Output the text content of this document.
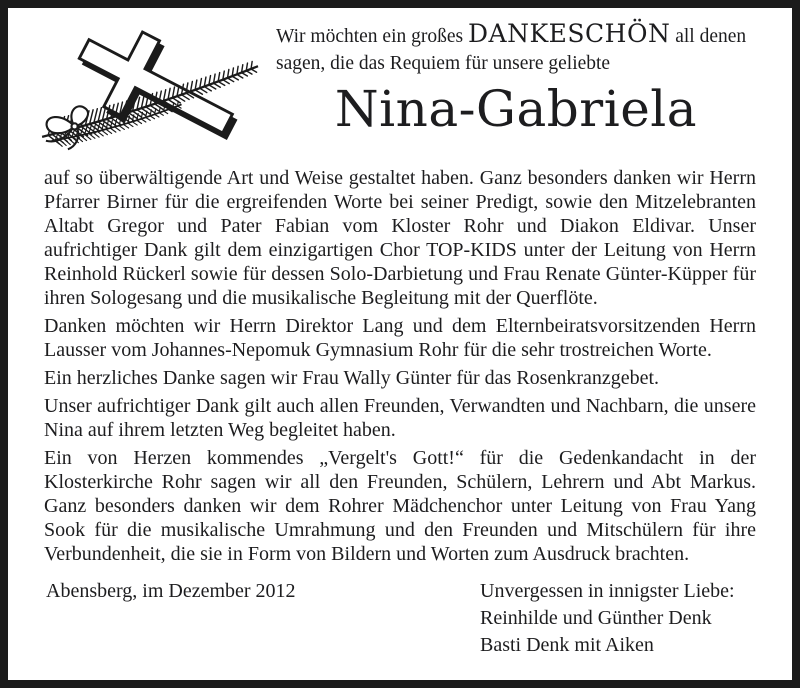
Wir möchten ein großes DANKESCHÖN all denen
sagen, die das Requiem für unsere geliebte

Nina-Gabriela

auf so überwältigende Art und Weise gestaltet haben. Ganz besonders danken wir Herrn Pfarrer Birner für die ergreifenden Worte bei seiner Predigt, sowie den Mitzelebranten Altabt Gregor und Pater Fabian vom Kloster Rohr und Diakon Eldivar. Unser aufrichtiger Dank gilt dem einzigartigen Chor TOP-KIDS unter der Leitung von Herrn Reinhold Rückerl sowie für dessen Solo-Darbietung und Frau Renate Günter-Küpper für ihren Sologesang und die musikalische Begleitung mit der Querflöte.

Danken möchten wir Herrn Direktor Lang und dem Elternbeiratsvorsitzenden Herrn Lausser vom Johannes-Nepomuk Gymnasium Rohr für die sehr trostreichen Worte.

Ein herzliches Danke sagen wir Frau Wally Günter für das Rosenkranzgebet.

Unser aufrichtiger Dank gilt auch allen Freunden, Verwandten und Nachbarn, die unsere Nina auf ihrem letzten Weg begleitet haben.

Ein von Herzen kommendes „Vergelt's Gott!“ für die Gedenkandacht in der Klosterkirche Rohr sagen wir all den Freunden, Schülern, Lehrern und Abt Markus. Ganz besonders danken wir dem Rohrer Mädchenchor unter Leitung von Frau Yang Sook für die musikalische Umrahmung und den Freunden und Mitschülern für ihre Verbundenheit, die sie in Form von Bildern und Worten zum Ausdruck brachten.

Abensberg, im Dezember 2012	Unvergessen in innigster Liebe:
Reinhilde und Günther Denk
Basti Denk mit Aiken
